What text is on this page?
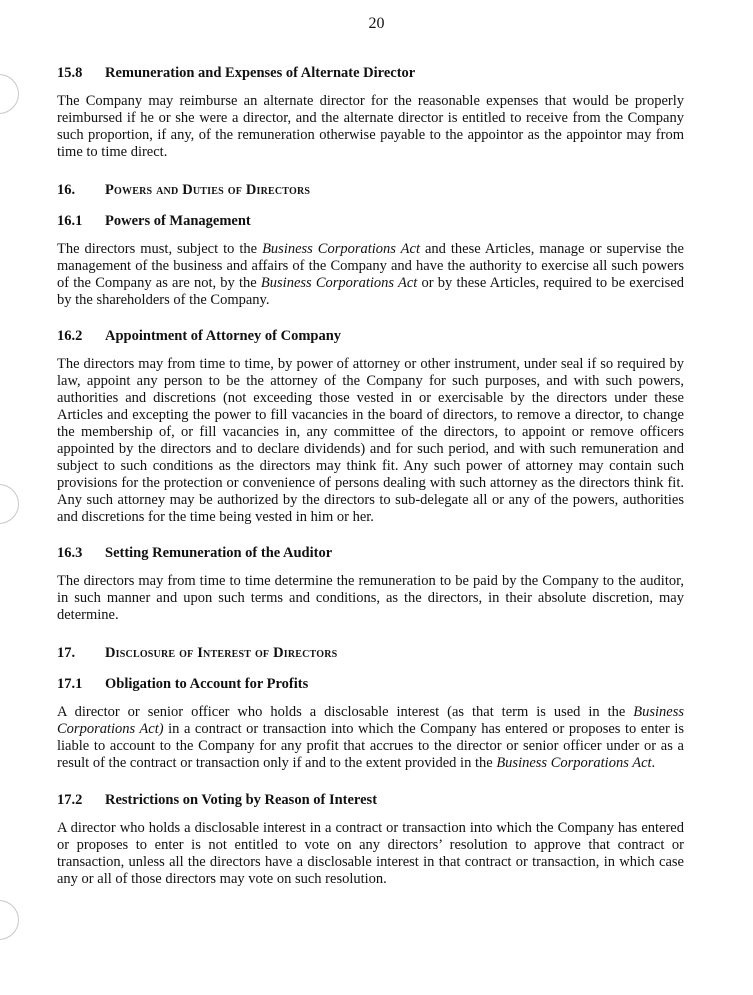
20
15.8	Remuneration and Expenses of Alternate Director

The Company may reimburse an alternate director for the reasonable expenses that would be properly reimbursed if he or she were a director, and the alternate director is entitled to receive from the Company such proportion, if any, of the remuneration otherwise payable to the appointor as the appointor may from time to time direct.

16.	Powers and Duties of Directors
16.1	Powers of Management

The directors must, subject to the Business Corporations Act and these Articles, manage or supervise the management of the business and affairs of the Company and have the authority to exercise all such powers of the Company as are not, by the Business Corporations Act or by these Articles, required to be exercised by the shareholders of the Company.

16.2	Appointment of Attorney of Company

The directors may from time to time, by power of attorney or other instrument, under seal if so required by law, appoint any person to be the attorney of the Company for such purposes, and with such powers, authorities and discretions (not exceeding those vested in or exercisable by the directors under these Articles and excepting the power to fill vacancies in the board of directors, to remove a director, to change the membership of, or fill vacancies in, any committee of the directors, to appoint or remove officers appointed by the directors and to declare dividends) and for such period, and with such remuneration and subject to such conditions as the directors may think fit. Any such power of attorney may contain such provisions for the protection or convenience of persons dealing with such attorney as the directors think fit. Any such attorney may be authorized by the directors to sub-delegate all or any of the powers, authorities and discretions for the time being vested in him or her.

16.3	Setting Remuneration of the Auditor

The directors may from time to time determine the remuneration to be paid by the Company to the auditor, in such manner and upon such terms and conditions, as the directors, in their absolute discretion, may determine.

17.	Disclosure of Interest of Directors
17.1	Obligation to Account for Profits

A director or senior officer who holds a disclosable interest (as that term is used in the Business Corporations Act) in a contract or transaction into which the Company has entered or proposes to enter is liable to account to the Company for any profit that accrues to the director or senior officer under or as a result of the contract or transaction only if and to the extent provided in the Business Corporations Act.

17.2	Restrictions on Voting by Reason of Interest

A director who holds a disclosable interest in a contract or transaction into which the Company has entered or proposes to enter is not entitled to vote on any directors’ resolution to approve that contract or transaction, unless all the directors have a disclosable interest in that contract or transaction, in which case any or all of those directors may vote on such resolution.
